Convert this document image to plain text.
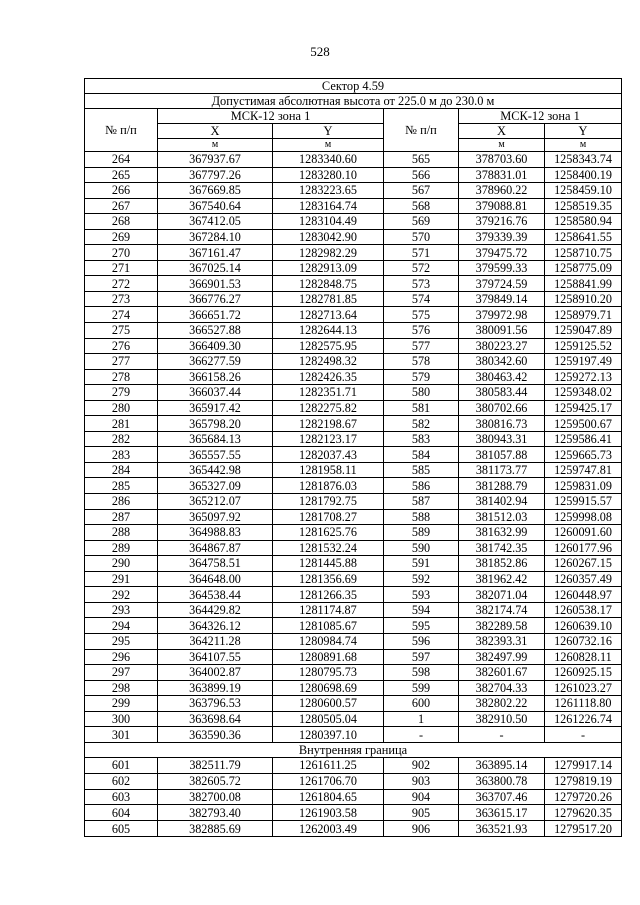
528
Сектор 4.59					
Допустимая абсолютная высота от 225.0 м до 230.0 м					
№ п/п	МСК-12 зона 1		№ п/п	МСК-12 зона 1	
	X	Y		X	Y
	м	м		м	м
264	367937.67	1283340.60	565	378703.60	1258343.74
265	367797.26	1283280.10	566	378831.01	1258400.19
266	367669.85	1283223.65	567	378960.22	1258459.10
267	367540.64	1283164.74	568	379088.81	1258519.35
268	367412.05	1283104.49	569	379216.76	1258580.94
269	367284.10	1283042.90	570	379339.39	1258641.55
270	367161.47	1282982.29	571	379475.72	1258710.75
271	367025.14	1282913.09	572	379599.33	1258775.09
272	366901.53	1282848.75	573	379724.59	1258841.99
273	366776.27	1282781.85	574	379849.14	1258910.20
274	366651.72	1282713.64	575	379972.98	1258979.71
275	366527.88	1282644.13	576	380091.56	1259047.89
276	366409.30	1282575.95	577	380223.27	1259125.52
277	366277.59	1282498.32	578	380342.60	1259197.49
278	366158.26	1282426.35	579	380463.42	1259272.13
279	366037.44	1282351.71	580	380583.44	1259348.02
280	365917.42	1282275.82	581	380702.66	1259425.17
281	365798.20	1282198.67	582	380816.73	1259500.67
282	365684.13	1282123.17	583	380943.31	1259586.41
283	365557.55	1282037.43	584	381057.88	1259665.73
284	365442.98	1281958.11	585	381173.77	1259747.81
285	365327.09	1281876.03	586	381288.79	1259831.09
286	365212.07	1281792.75	587	381402.94	1259915.57
287	365097.92	1281708.27	588	381512.03	1259998.08
288	364988.83	1281625.76	589	381632.99	1260091.60
289	364867.87	1281532.24	590	381742.35	1260177.96
290	364758.51	1281445.88	591	381852.86	1260267.15
291	364648.00	1281356.69	592	381962.42	1260357.49
292	364538.44	1281266.35	593	382071.04	1260448.97
293	364429.82	1281174.87	594	382174.74	1260538.17
294	364326.12	1281085.67	595	382289.58	1260639.10
295	364211.28	1280984.74	596	382393.31	1260732.16
296	364107.55	1280891.68	597	382497.99	1260828.11
297	364002.87	1280795.73	598	382601.67	1260925.15
298	363899.19	1280698.69	599	382704.33	1261023.27
299	363796.53	1280600.57	600	382802.22	1261118.80
300	363698.64	1280505.04	1	382910.50	1261226.74
301	363590.36	1280397.10	-	-	-
Внутренняя граница					
601	382511.79	1261611.25	902	363895.14	1279917.14
602	382605.72	1261706.70	903	363800.78	1279819.19
603	382700.08	1261804.65	904	363707.46	1279720.26
604	382793.40	1261903.58	905	363615.17	1279620.35
605	382885.69	1262003.49	906	363521.93	1279517.20
